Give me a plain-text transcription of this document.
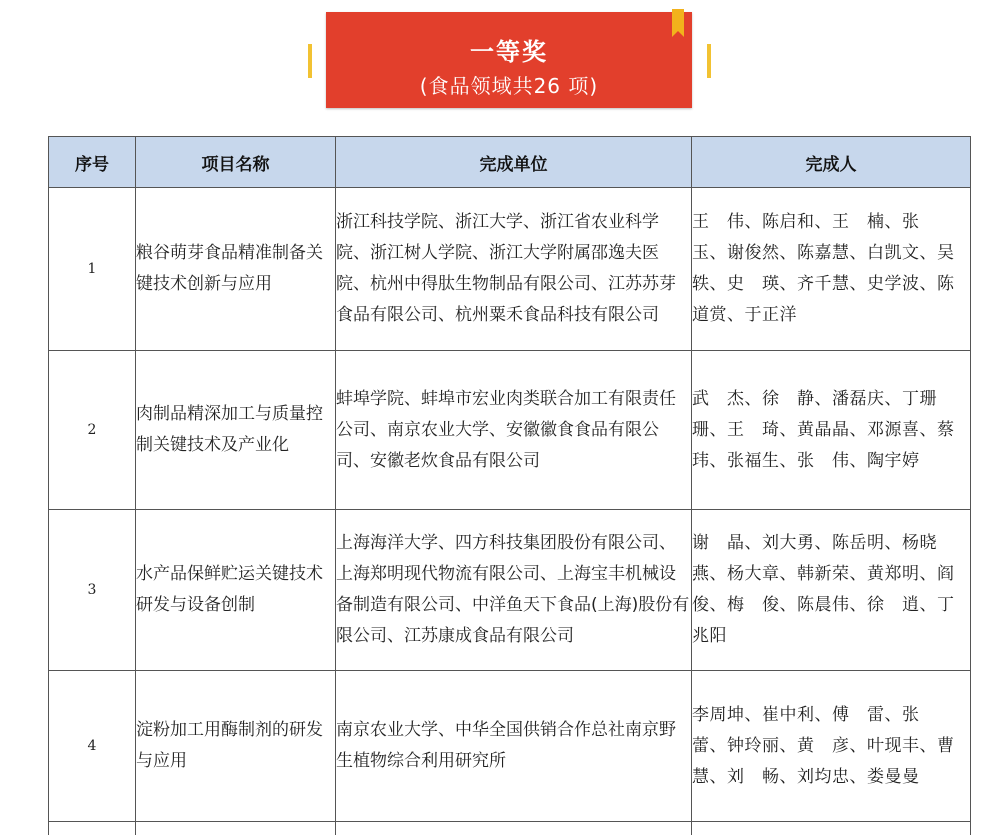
一等奖
(食品领域共26 项)
序号	项目名称	完成单位	完成人
1	粮谷萌芽食品精准制备关键技术创新与应用	浙江科技学院、浙江大学、浙江省农业科学院、浙江树人学院、浙江大学附属邵逸夫医院、杭州中得肽生物制品有限公司、江苏苏芽食品有限公司、杭州粟禾食品科技有限公司	王　伟、陈启和、王　楠、张　玉、谢俊然、陈嘉慧、白凯文、吴　轶、史　瑛、齐千慧、史学波、陈道赏、于正洋
2	肉制品精深加工与质量控制关键技术及产业化	蚌埠学院、蚌埠市宏业肉类联合加工有限责任公司、南京农业大学、安徽徽食食品有限公司、安徽老炊食品有限公司	武　杰、徐　静、潘磊庆、丁珊珊、王　琦、黄晶晶、邓源喜、蔡　玮、张福生、张　伟、陶宇婷
3	水产品保鲜贮运关键技术研发与设备创制	上海海洋大学、四方科技集团股份有限公司、上海郑明现代物流有限公司、上海宝丰机械设备制造有限公司、中洋鱼天下食品(上海)股份有限公司、江苏康成食品有限公司	谢　晶、刘大勇、陈岳明、杨晓燕、杨大章、韩新荣、黄郑明、阎　俊、梅　俊、陈晨伟、徐　逍、丁兆阳
4	淀粉加工用酶制剂的研发与应用	南京农业大学、中华全国供销合作总社南京野生植物综合利用研究所	李周坤、崔中利、傅　雷、张　蕾、钟玲丽、黄　彦、叶现丰、曹　慧、刘　畅、刘均忠、娄曼曼
